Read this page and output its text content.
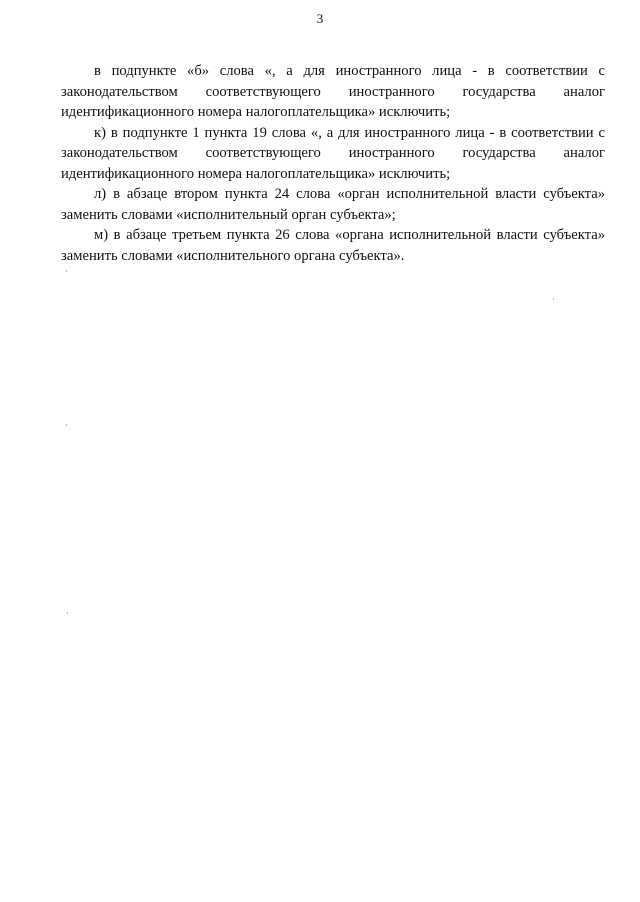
3

в подпункте «б» слова «, а для иностранного лица - в соответствии с законодательством соответствующего иностранного государства аналог идентификационного номера налогоплательщика» исключить;

к) в подпункте 1 пункта 19 слова «, а для иностранного лица - в соответствии с законодательством соответствующего иностранного государства аналог идентификационного номера налогоплательщика» исключить;

л) в абзаце втором пункта 24 слова «орган исполнительной власти субъекта» заменить словами «исполнительный орган субъекта»;

м) в абзаце третьем пункта 26 слова «органа исполнительной власти субъекта» заменить словами «исполнительного органа субъекта».
